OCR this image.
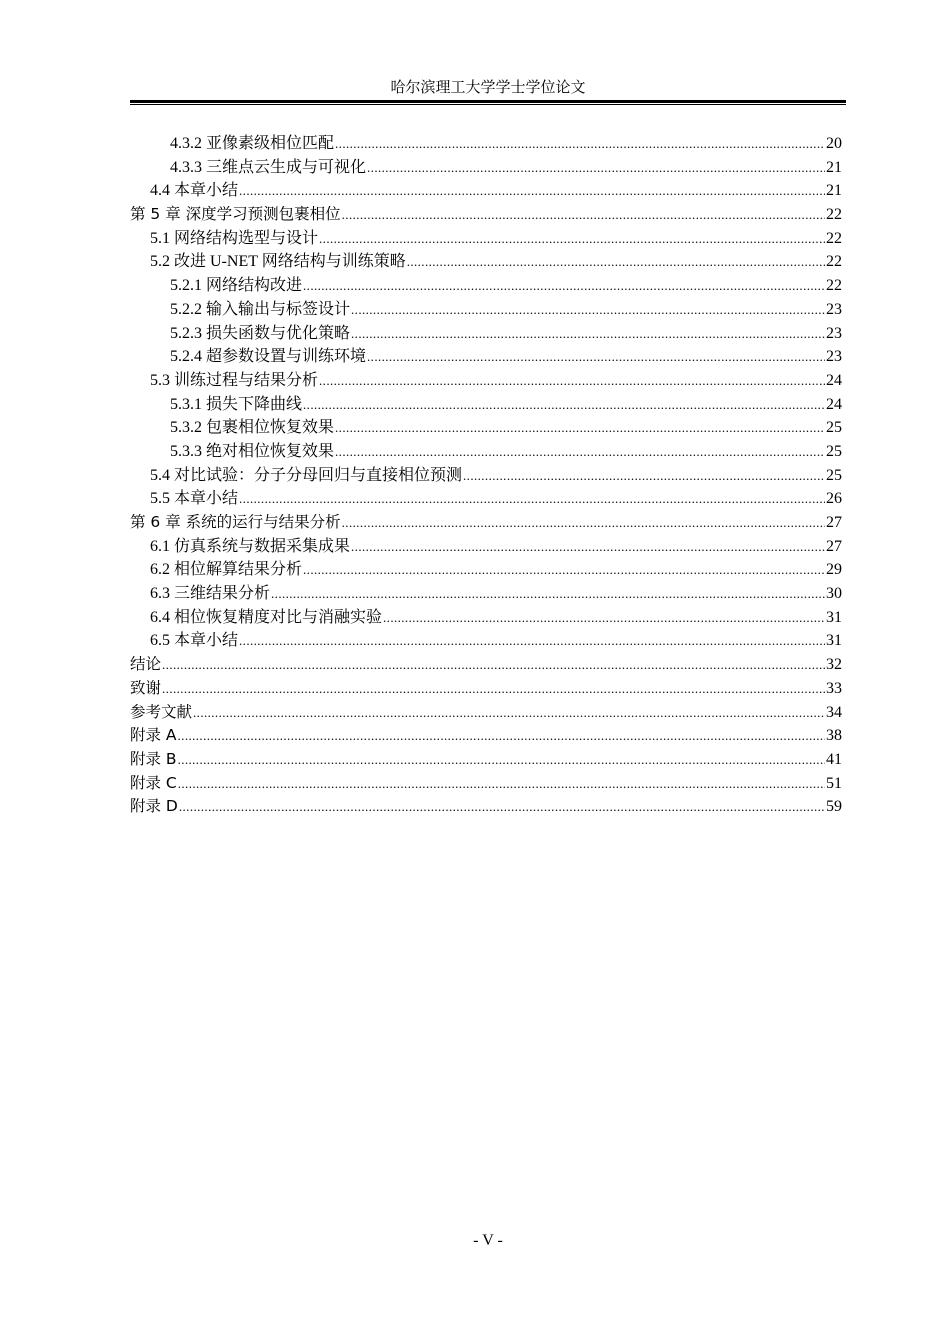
哈尔滨理工大学学士学位论文
4.3.2 亚像素级相位匹配 .....	20
4.3.3 三维点云生成与可视化 .....	21
4.4 本章小结 .....	21
第 5 章 深度学习预测包裹相位 .....	22
5.1 网络结构选型与设计 .....	22
5.2 改进 U-NET 网络结构与训练策略 .....	22
5.2.1 网络结构改进 .....	22
5.2.2 输入输出与标签设计 .....	23
5.2.3 损失函数与优化策略 .....	23
5.2.4 超参数设置与训练环境 .....	23
5.3 训练过程与结果分析 .....	24
5.3.1 损失下降曲线 .....	24
5.3.2 包裹相位恢复效果 .....	25
5.3.3 绝对相位恢复效果 .....	25
5.4 对比试验：分子分母回归与直接相位预测 .....	25
5.5 本章小结 .....	26
第 6 章 系统的运行与结果分析 .....	27
6.1 仿真系统与数据采集成果 .....	27
6.2 相位解算结果分析 .....	29
6.3 三维结果分析 .....	30
6.4 相位恢复精度对比与消融实验 .....	31
6.5 本章小结 .....	31
结论 .....	32
致谢 .....	33
参考文献 .....	34
附录 A .....	38
附录 B .....	41
附录 C .....	51
附录 D .....	59
- V -
